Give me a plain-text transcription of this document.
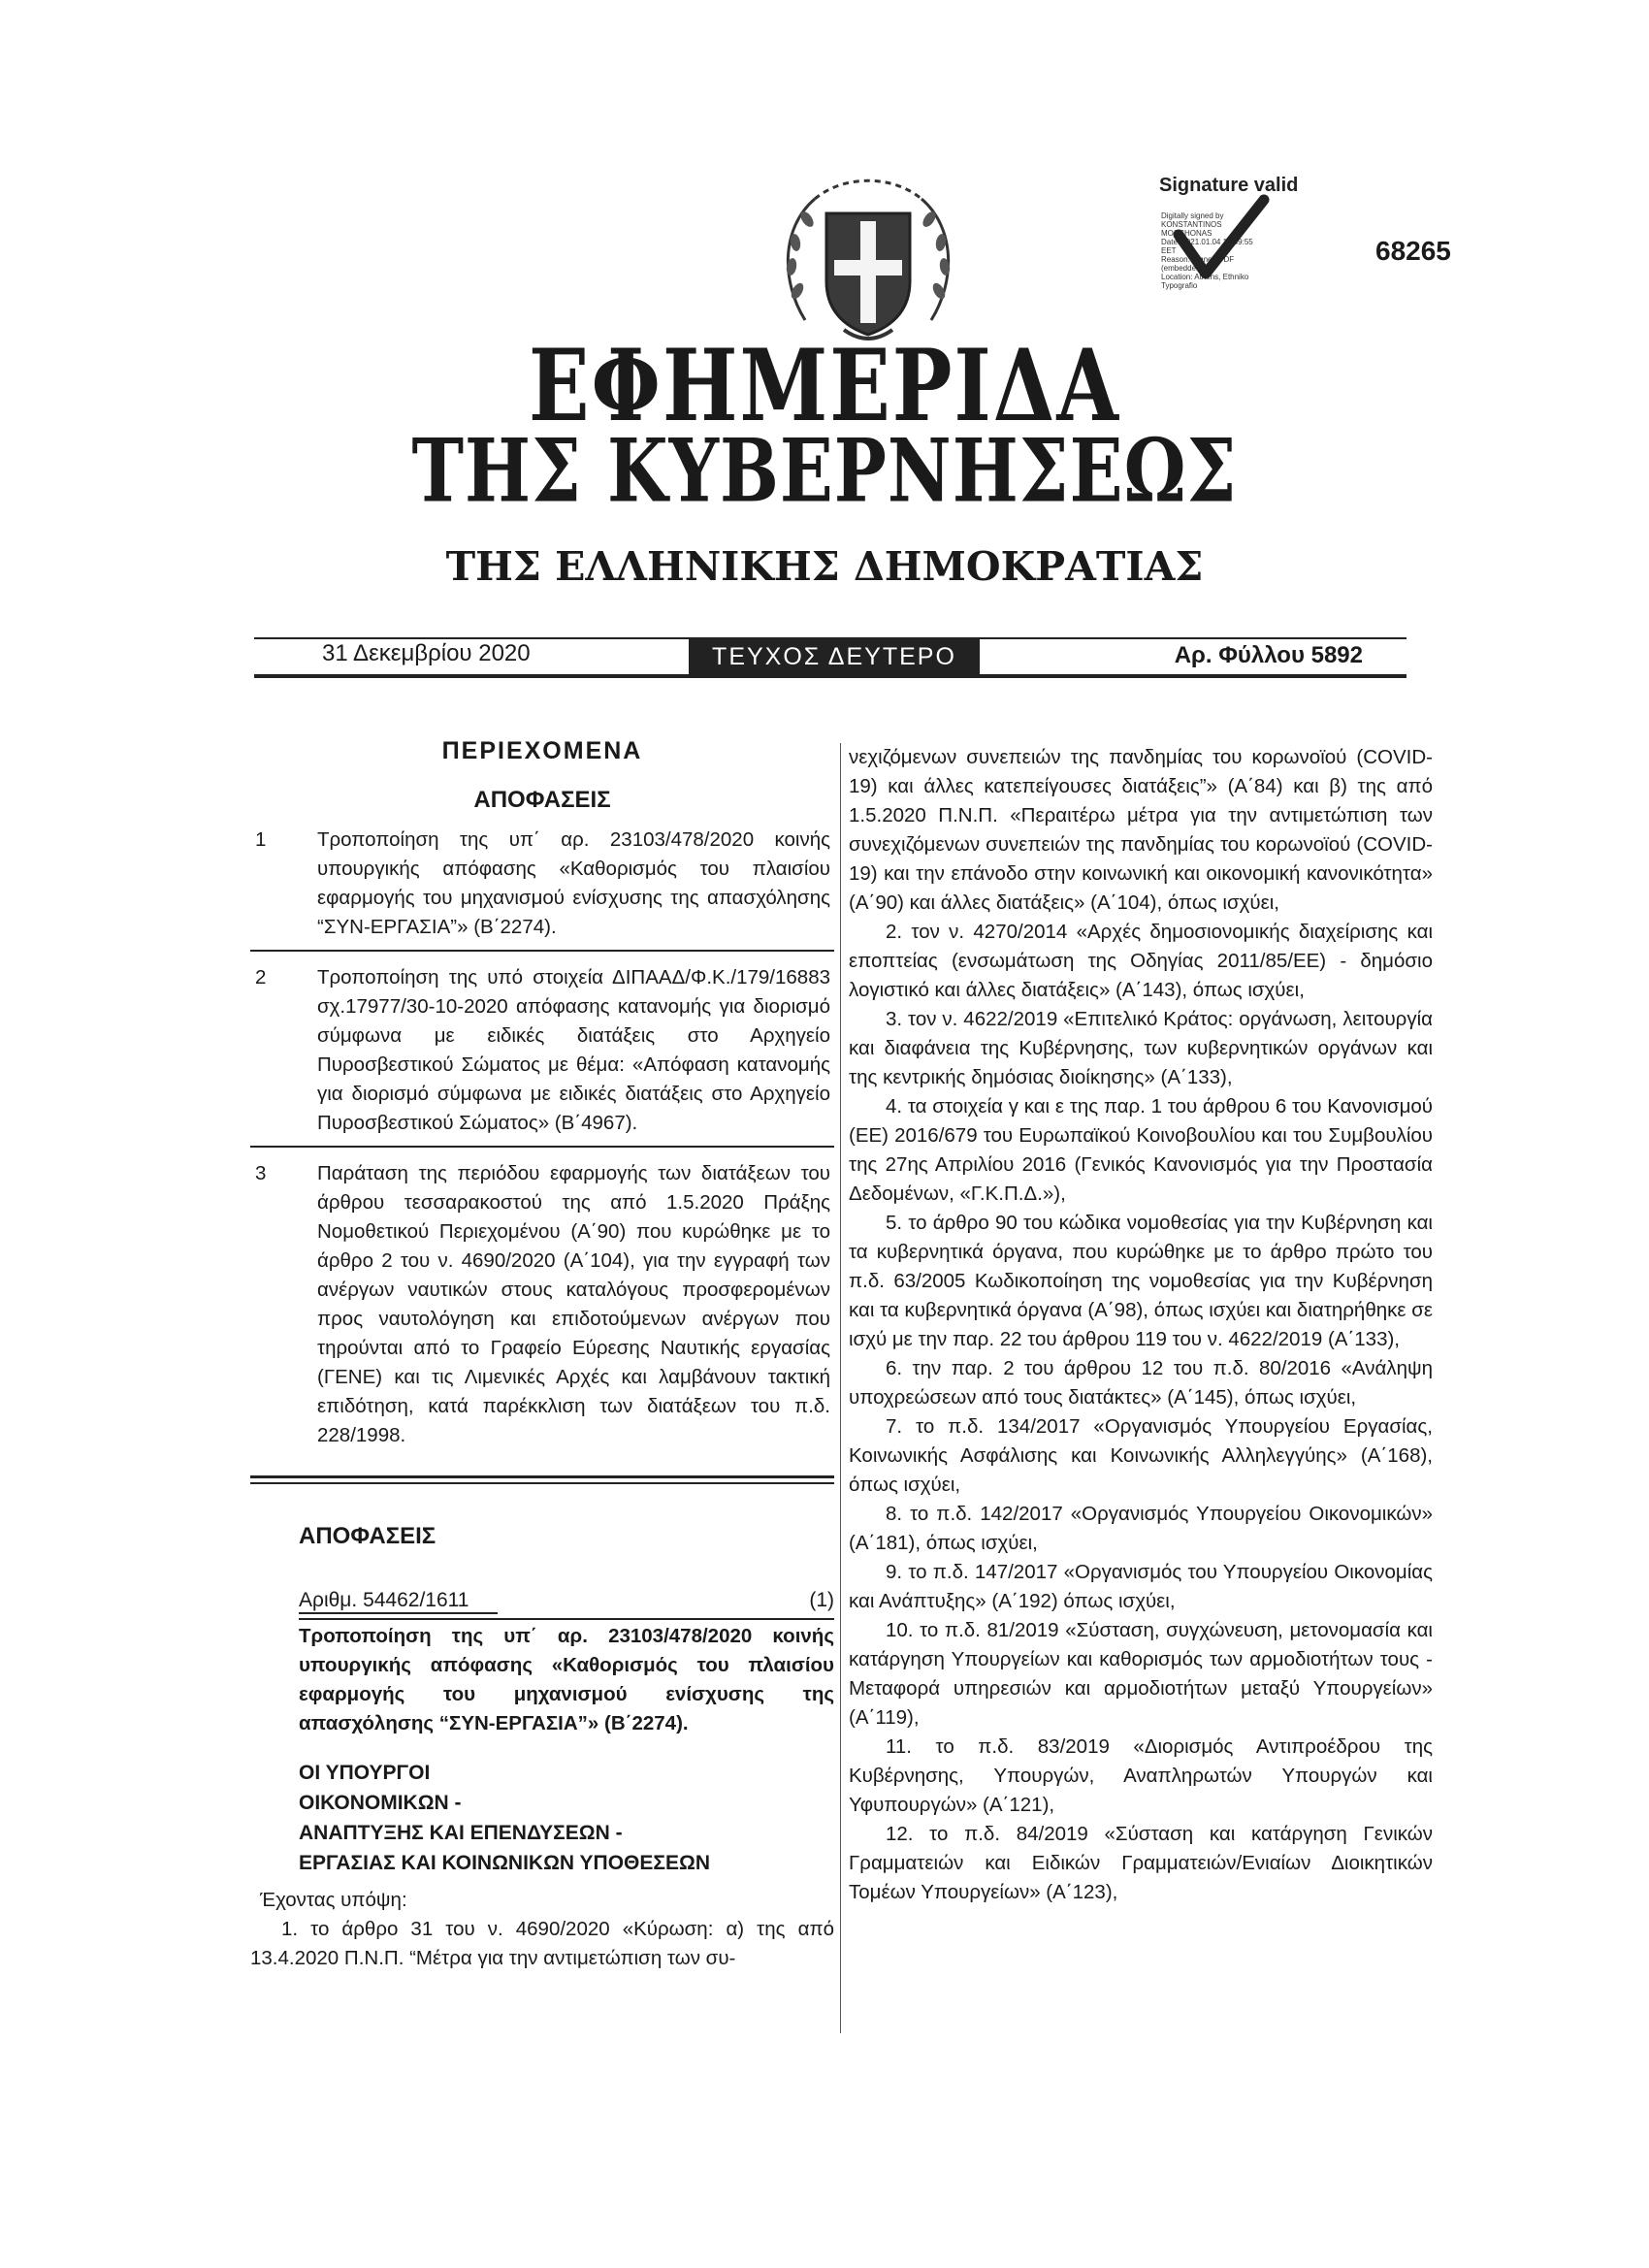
Signature valid
Digitally signed by
KONSTANTINOS
MOSCHONAS
Date: 2021.01.04 15:49:55
EET
Reason: Signed PDF
(embedded)
Location: Athens, Ethniko
Typografio
68265
ΕΦΗΜΕΡΙΔΑ
ΤΗΣ ΚΥΒΕΡΝΗΣΕΩΣ
ΤΗΣ ΕΛΛΗΝΙΚΗΣ ΔΗΜΟΚΡΑΤΙΑΣ
31 Δεκεμβρίου 2020	ΤΕΥΧΟΣ ΔΕΥΤΕΡΟ	Αρ. Φύλλου 5892
ΠΕΡΙΕΧΟΜΕΝΑ
ΑΠΟΦΑΣΕΙΣ
1	Τροποποίηση της υπ΄ αρ. 23103/478/2020 κοινής υπουργικής απόφασης «Καθορισμός του πλαισίου εφαρμογής του μηχανισμού ενίσχυσης της απασχόλησης “ΣΥΝ-ΕΡΓΑΣΙΑ”» (Β΄2274).
2	Τροποποίηση της υπό στοιχεία ΔΙΠΑΑΔ/Φ.Κ./179/16883 σχ.17977/30-10-2020 απόφασης κατανομής για διορισμό σύμφωνα με ειδικές διατάξεις στο Αρχηγείο Πυροσβεστικού Σώματος με θέμα: «Απόφαση κατανομής για διορισμό σύμφωνα με ειδικές διατάξεις στο Αρχηγείο Πυροσβεστικού Σώματος» (Β΄4967).
3	Παράταση της περιόδου εφαρμογής των διατάξεων του άρθρου τεσσαρακοστού της από 1.5.2020 Πράξης Νομοθετικού Περιεχομένου (Α΄90) που κυρώθηκε με το άρθρο 2 του ν. 4690/2020 (Α΄104), για την εγγραφή των ανέργων ναυτικών στους καταλόγους προσφερομένων προς ναυτολόγηση και επιδοτούμενων ανέργων που τηρούνται από το Γραφείο Εύρεσης Ναυτικής εργασίας (ΓΕΝΕ) και τις Λιμενικές Αρχές και λαμβάνουν τακτική επιδότηση, κατά παρέκκλιση των διατάξεων του π.δ. 228/1998.
ΑΠΟΦΑΣΕΙΣ
Αριθμ. 54462/1611	(1)
Τροποποίηση της υπ΄ αρ. 23103/478/2020 κοινής υπουργικής απόφασης «Καθορισμός του πλαισίου εφαρμογής του μηχανισμού ενίσχυσης της απασχόλησης “ΣΥΝ-ΕΡΓΑΣΙΑ”» (Β΄2274).
ΟΙ ΥΠΟΥΡΓΟΙ
ΟΙΚΟΝΟΜΙΚΩΝ -
ΑΝΑΠΤΥΞΗΣ ΚΑΙ ΕΠΕΝΔΥΣΕΩΝ -
ΕΡΓΑΣΙΑΣ ΚΑΙ ΚΟΙΝΩΝΙΚΩΝ ΥΠΟΘΕΣΕΩΝ

Έχοντας υπόψη:

1. το άρθρο 31 του ν. 4690/2020 «Κύρωση: α) της από 13.4.2020 Π.Ν.Π. “Μέτρα για την αντιμετώπιση των συ-

νεχιζόμενων συνεπειών της πανδημίας του κορωνοϊού (COVID-19) και άλλες κατεπείγουσες διατάξεις”» (Α΄84) και β) της από 1.5.2020 Π.Ν.Π. «Περαιτέρω μέτρα για την αντιμετώπιση των συνεχιζόμενων συνεπειών της πανδημίας του κορωνοϊού (COVID-19) και την επάνοδο στην κοινωνική και οικονομική κανονικότητα» (Α΄90) και άλλες διατάξεις» (Α΄104), όπως ισχύει,

2. τον ν. 4270/2014 «Αρχές δημοσιονομικής διαχείρισης και εποπτείας (ενσωμάτωση της Οδηγίας 2011/85/ΕΕ) - δημόσιο λογιστικό και άλλες διατάξεις» (Α΄143), όπως ισχύει,

3. τον ν. 4622/2019 «Επιτελικό Κράτος: οργάνωση, λειτουργία και διαφάνεια της Κυβέρνησης, των κυβερνητικών οργάνων και της κεντρικής δημόσιας διοίκησης» (Α΄133),

4. τα στοιχεία γ και ε της παρ. 1 του άρθρου 6 του Κανονισμού (ΕΕ) 2016/679 του Ευρωπαϊκού Κοινοβουλίου και του Συμβουλίου της 27ης Απριλίου 2016 (Γενικός Κανονισμός για την Προστασία Δεδομένων, «Γ.Κ.Π.Δ.»),

5. το άρθρο 90 του κώδικα νομοθεσίας για την Κυβέρνηση και τα κυβερνητικά όργανα, που κυρώθηκε με το άρθρο πρώτο του π.δ. 63/2005 Κωδικοποίηση της νομοθεσίας για την Κυβέρνηση και τα κυβερνητικά όργανα (Α΄98), όπως ισχύει και διατηρήθηκε σε ισχύ με την παρ. 22 του άρθρου 119 του ν. 4622/2019 (Α΄133),

6. την παρ. 2 του άρθρου 12 του π.δ. 80/2016 «Ανάληψη υποχρεώσεων από τους διατάκτες» (Α΄145), όπως ισχύει,

7. το π.δ. 134/2017 «Οργανισμός Υπουργείου Εργασίας, Κοινωνικής Ασφάλισης και Κοινωνικής Αλληλεγγύης» (Α΄168), όπως ισχύει,

8. το π.δ. 142/2017 «Οργανισμός Υπουργείου Οικονομικών» (Α΄181), όπως ισχύει,

9. το π.δ. 147/2017 «Οργανισμός του Υπουργείου Οικονομίας και Ανάπτυξης» (Α΄192) όπως ισχύει,

10. το π.δ. 81/2019 «Σύσταση, συγχώνευση, μετονομασία και κατάργηση Υπουργείων και καθορισμός των αρμοδιοτήτων τους - Μεταφορά υπηρεσιών και αρμοδιοτήτων μεταξύ Υπουργείων» (Α΄119),

11. το π.δ. 83/2019 «Διορισμός Αντιπροέδρου της Κυβέρνησης, Υπουργών, Αναπληρωτών Υπουργών και Υφυπουργών» (Α΄121),

12. το π.δ. 84/2019 «Σύσταση και κατάργηση Γενικών Γραμματειών και Ειδικών Γραμματειών/Ενιαίων Διοικητικών Τομέων Υπουργείων» (Α΄123),
